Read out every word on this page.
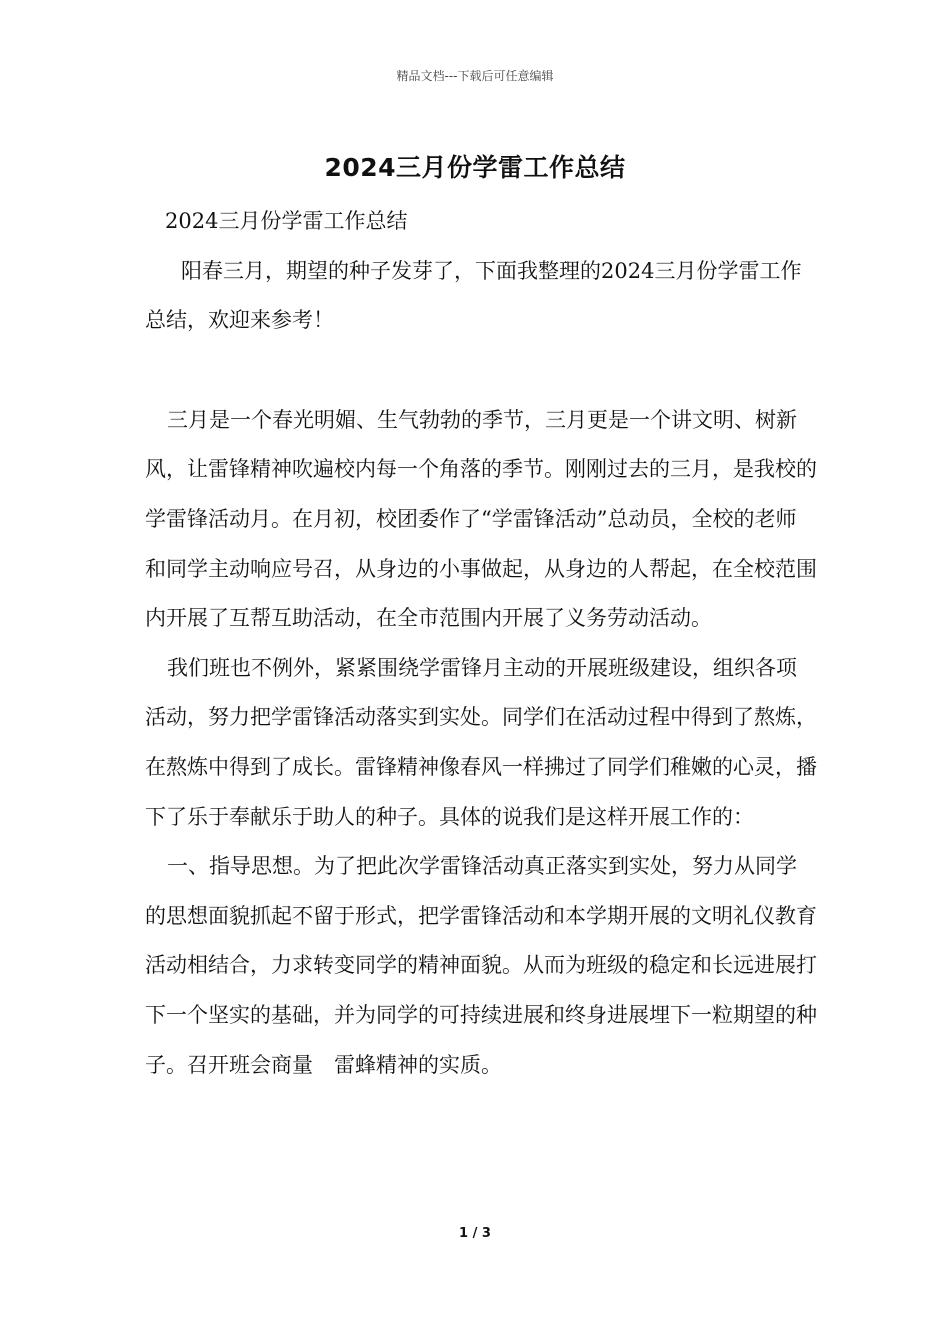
精品文档---下载后可任意编辑
2024三月份学雷工作总结

2024三月份学雷工作总结

阳春三月，期望的种子发芽了，下面我整理的2024三月份学雷工作总结，欢迎来参考！

三月是一个春光明媚、生气勃勃的季节，三月更是一个讲文明、树新风，让雷锋精神吹遍校内每一个角落的季节。刚刚过去的三月，是我校的学雷锋活动月。在月初，校团委作了“学雷锋活动”总动员，全校的老师和同学主动响应号召，从身边的小事做起，从身边的人帮起，在全校范围内开展了互帮互助活动，在全市范围内开展了义务劳动活动。

我们班也不例外，紧紧围绕学雷锋月主动的开展班级建设，组织各项活动，努力把学雷锋活动落实到实处。同学们在活动过程中得到了熬炼，在熬炼中得到了成长。雷锋精神像春风一样拂过了同学们稚嫩的心灵，播下了乐于奉献乐于助人的种子。具体的说我们是这样开展工作的：

一、指导思想。为了把此次学雷锋活动真正落实到实处，努力从同学的思想面貌抓起不留于形式，把学雷锋活动和本学期开展的文明礼仪教育活动相结合，力求转变同学的精神面貌。从而为班级的稳定和长远进展打下一个坚实的基础，并为同学的可持续进展和终身进展埋下一粒期望的种子。召开班会商量　雷蜂精神的实质。

1 / 3
